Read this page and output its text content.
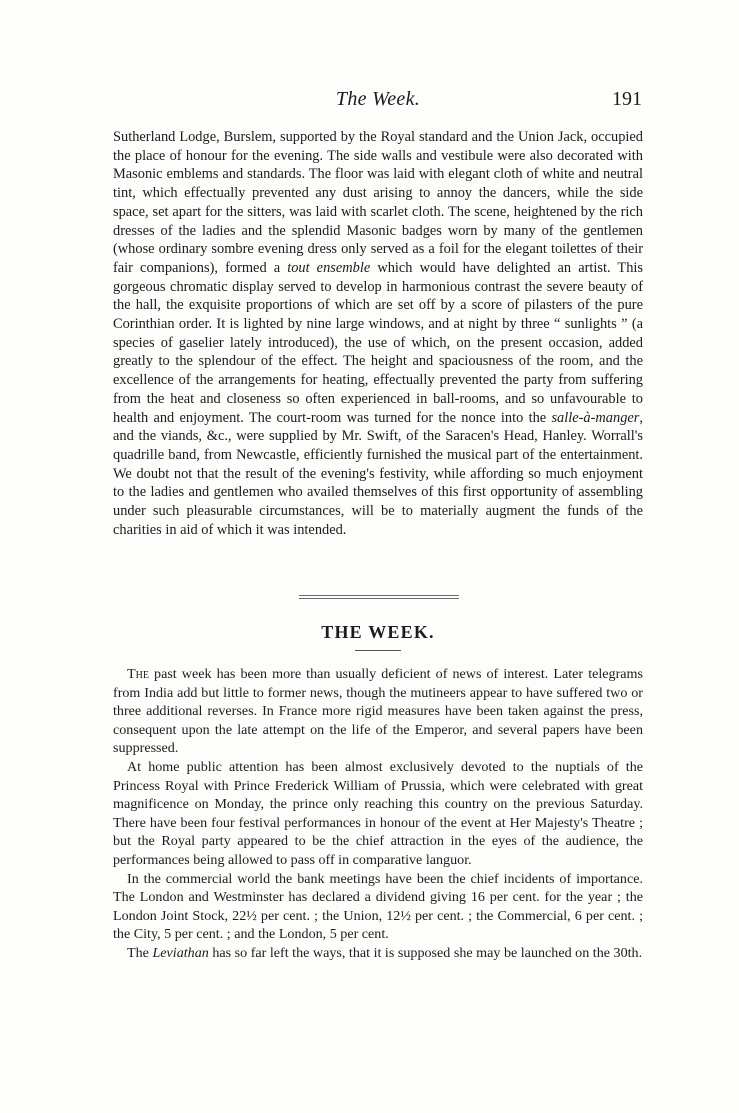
The Week.	191

Sutherland Lodge, Burslem, supported by the Royal standard and the Union Jack, occupied the place of honour for the evening. The side walls and vestibule were also decorated with Masonic emblems and standards. The floor was laid with elegant cloth of white and neutral tint, which effectually prevented any dust arising to annoy the dancers, while the side space, set apart for the sitters, was laid with scarlet cloth. The scene, heightened by the rich dresses of the ladies and the splendid Masonic badges worn by many of the gentlemen (whose ordinary sombre evening dress only served as a foil for the elegant toilettes of their fair companions), formed a tout ensemble which would have delighted an artist. This gorgeous chromatic display served to develop in harmonious contrast the severe beauty of the hall, the exquisite proportions of which are set off by a score of pilasters of the pure Corinthian order. It is lighted by nine large windows, and at night by three “ sunlights ” (a species of gaselier lately introduced), the use of which, on the present occasion, added greatly to the splendour of the effect. The height and spaciousness of the room, and the excellence of the arrangements for heating, effectually prevented the party from suffering from the heat and closeness so often experienced in ball-rooms, and so unfavourable to health and enjoyment. The court-room was turned for the nonce into the salle-à-manger, and the viands, &c., were supplied by Mr. Swift, of the Saracen's Head, Hanley. Worrall's quadrille band, from Newcastle, efficiently furnished the musical part of the entertainment. We doubt not that the result of the evening's festivity, while affording so much enjoyment to the ladies and gentlemen who availed themselves of this first opportunity of assembling under such pleasurable circumstances, will be to materially augment the funds of the charities in aid of which it was intended.

THE WEEK.

The past week has been more than usually deficient of news of interest. Later telegrams from India add but little to former news, though the mutineers appear to have suffered two or three additional reverses. In France more rigid measures have been taken against the press, consequent upon the late attempt on the life of the Emperor, and several papers have been suppressed.

At home public attention has been almost exclusively devoted to the nuptials of the Princess Royal with Prince Frederick William of Prussia, which were celebrated with great magnificence on Monday, the prince only reaching this country on the previous Saturday. There have been four festival performances in honour of the event at Her Majesty's Theatre ; but the Royal party appeared to be the chief attraction in the eyes of the audience, the performances being allowed to pass off in comparative languor.

In the commercial world the bank meetings have been the chief incidents of importance. The London and Westminster has declared a dividend giving 16 per cent. for the year ; the London Joint Stock, 22½ per cent. ; the Union, 12½ per cent. ; the Commercial, 6 per cent. ; the City, 5 per cent. ; and the London, 5 per cent.

The Leviathan has so far left the ways, that it is supposed she may be launched on the 30th.
